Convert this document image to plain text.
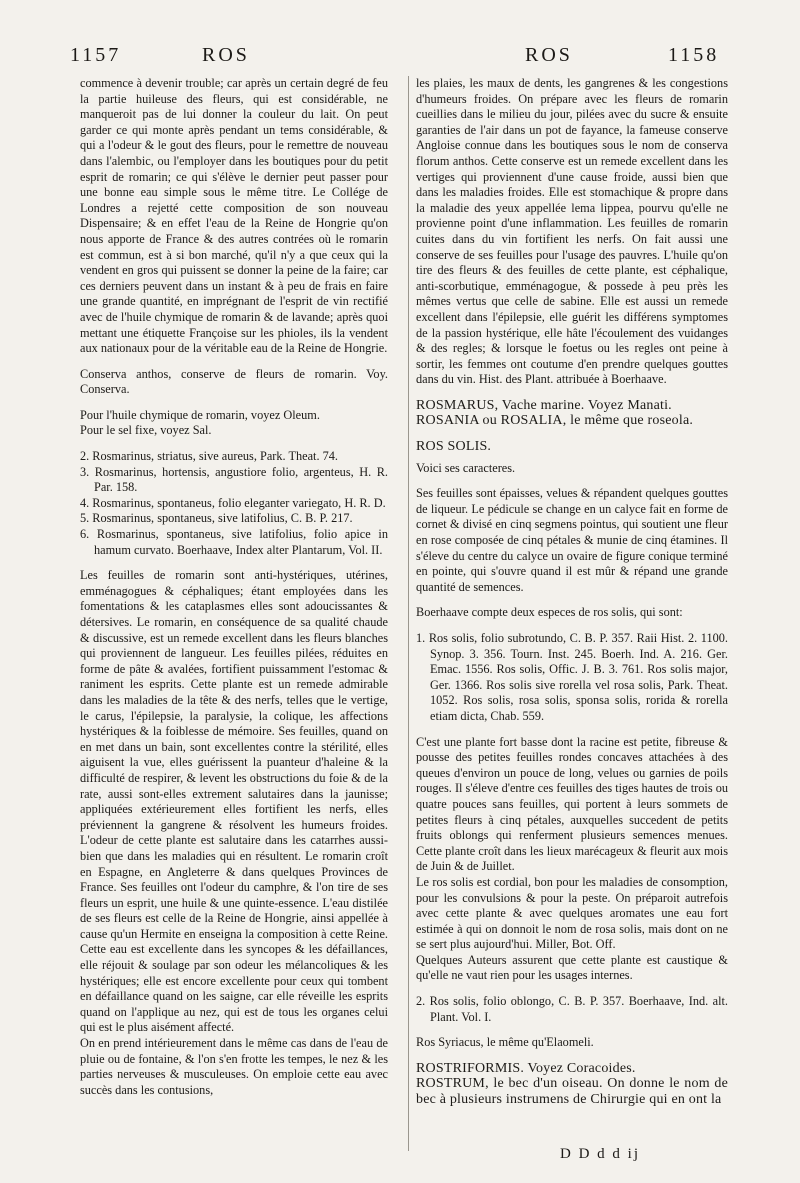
1157	ROS	ROS	1158

commence à devenir trouble; car après un certain degré de feu la partie huileuse des fleurs, qui est considérable, ne manqueroit pas de lui donner la couleur du lait. On peut garder ce qui monte après pendant un tems considérable, & qui a l'odeur & le gout des fleurs, pour le remettre de nouveau dans l'alembic, ou l'employer dans les boutiques pour du petit esprit de romarin; ce qui s'élève le dernier peut passer pour une bonne eau simple sous le même titre. Le Collége de Londres a rejetté cette composition de son nouveau Dispensaire; & en effet l'eau de la Reine de Hongrie qu'on nous apporte de France & des autres contrées où le romarin est commun, est à si bon marché, qu'il n'y a que ceux qui la vendent en gros qui puissent se donner la peine de la faire; car ces derniers peuvent dans un instant & à peu de frais en faire une grande quantité, en imprégnant de l'esprit de vin rectifié avec de l'huile chymique de romarin & de lavande; après quoi mettant une étiquette Françoise sur les phioles, ils la vendent aux nationaux pour de la véritable eau de la Reine de Hongrie.

Conserva anthos, conserve de fleurs de romarin. Voy. Conserva.

Pour l'huile chymique de romarin, voyez Oleum.

Pour le sel fixe, voyez Sal.

2. Rosmarinus, striatus, sive aureus, Park. Theat. 74.

3. Rosmarinus, hortensis, angustiore folio, argenteus, H. R. Par. 158.

4. Rosmarinus, spontaneus, folio eleganter variegato, H. R. D.

5. Rosmarinus, spontaneus, sive latifolius, C. B. P. 217.

6. Rosmarinus, spontaneus, sive latifolius, folio apice in hamum curvato. Boerhaave, Index alter Plantarum, Vol. II.

Les feuilles de romarin sont anti-hystériques, utérines, emménagogues & céphaliques; étant employées dans les fomentations & les cataplasmes elles sont adoucissantes & détersives. Le romarin, en conséquence de sa qualité chaude & discussive, est un remede excellent dans les fleurs blanches qui proviennent de langueur. Les feuilles pilées, réduites en forme de pâte & avalées, fortifient puissamment l'estomac & raniment les esprits. Cette plante est un remede admirable dans les maladies de la tête & des nerfs, telles que le vertige, le carus, l'épilepsie, la paralysie, la colique, les affections hystériques & la foiblesse de mémoire. Ses feuilles, quand on en met dans un bain, sont excellentes contre la stérilité, elles aiguisent la vue, elles guérissent la puanteur d'haleine & la difficulté de respirer, & levent les obstructions du foie & de la rate, aussi sont-elles extrement salutaires dans la jaunisse; appliquées extérieurement elles fortifient les nerfs, elles préviennent la gangrene & résolvent les humeurs froides. L'odeur de cette plante est salutaire dans les catarrhes aussi-bien que dans les maladies qui en résultent. Le romarin croît en Espagne, en Angleterre & dans quelques Provinces de France. Ses feuilles ont l'odeur du camphre, & l'on tire de ses fleurs un esprit, une huile & une quinte-essence. L'eau distilée de ses fleurs est celle de la Reine de Hongrie, ainsi appellée à cause qu'un Hermite en enseigna la composition à cette Reine. Cette eau est excellente dans les syncopes & les défaillances, elle réjouit & soulage par son odeur les mélancoliques & les hystériques; elle est encore excellente pour ceux qui tombent en défaillance quand on les saigne, car elle réveille les esprits quand on l'applique au nez, qui est de tous les organes celui qui est le plus aisément affecté.

On en prend intérieurement dans le même cas dans de l'eau de pluie ou de fontaine, & l'on s'en frotte les tempes, le nez & les parties nerveuses & musculeuses. On emploie cette eau avec succès dans les contusions,

les plaies, les maux de dents, les gangrenes & les congestions d'humeurs froides. On prépare avec les fleurs de romarin cueillies dans le milieu du jour, pilées avec du sucre & ensuite garanties de l'air dans un pot de fayance, la fameuse conserve Angloise connue dans les boutiques sous le nom de conserva florum anthos. Cette conserve est un remede excellent dans les vertiges qui proviennent d'une cause froide, aussi bien que dans les maladies froides. Elle est stomachique & propre dans la maladie des yeux appellée lema lippea, pourvu qu'elle ne provienne point d'une inflammation. Les feuilles de romarin cuites dans du vin fortifient les nerfs. On fait aussi une conserve de ses feuilles pour l'usage des pauvres. L'huile qu'on tire des fleurs & des feuilles de cette plante, est céphalique, anti-scorbutique, emménagogue, & possede à peu près les mêmes vertus que celle de sabine. Elle est aussi un remede excellent dans l'épilepsie, elle guérit les différens symptomes de la passion hystérique, elle hâte l'écoulement des vuidanges & des regles; & lorsque le foetus ou les regles ont peine à sortir, les femmes ont coutume d'en prendre quelques gouttes dans du vin. Hist. des Plant. attribuée à Boerhaave.

ROSMARUS, Vache marine. Voyez Manati.

ROSANIA ou ROSALIA, le même que roseola.

ROS SOLIS.

Voici ses caracteres.

Ses feuilles sont épaisses, velues & répandent quelques gouttes de liqueur. Le pédicule se change en un calyce fait en forme de cornet & divisé en cinq segmens pointus, qui soutient une fleur en rose composée de cinq pétales & munie de cinq étamines. Il s'éleve du centre du calyce un ovaire de figure conique terminé en pointe, qui s'ouvre quand il est mûr & répand une grande quantité de semences.

Boerhaave compte deux especes de ros solis, qui sont:

1. Ros solis, folio subrotundo, C. B. P. 357. Raii Hist. 2. 1100. Synop. 3. 356. Tourn. Inst. 245. Boerh. Ind. A. 216. Ger. Emac. 1556. Ros solis, Offic. J. B. 3. 761. Ros solis major, Ger. 1366. Ros solis sive rorella vel rosa solis, Park. Theat. 1052. Ros solis, rosa solis, sponsa solis, rorida & rorella etiam dicta, Chab. 559.

C'est une plante fort basse dont la racine est petite, fibreuse & pousse des petites feuilles rondes concaves attachées à des queues d'environ un pouce de long, velues ou garnies de poils rouges. Il s'éleve d'entre ces feuilles des tiges hautes de trois ou quatre pouces sans feuilles, qui portent à leurs sommets de petites fleurs à cinq pétales, auxquelles succedent de petits fruits oblongs qui renferment plusieurs semences menues. Cette plante croît dans les lieux marécageux & fleurit aux mois de Juin & de Juillet.

Le ros solis est cordial, bon pour les maladies de consomption, pour les convulsions & pour la peste. On préparoit autrefois avec cette plante & avec quelques aromates une eau fort estimée à qui on donnoit le nom de rosa solis, mais dont on ne se sert plus aujourd'hui. Miller, Bot. Off.

Quelques Auteurs assurent que cette plante est caustique & qu'elle ne vaut rien pour les usages internes.

2. Ros solis, folio oblongo, C. B. P. 357. Boerhaave, Ind. alt. Plant. Vol. I.

Ros Syriacus, le même qu'Elaomeli.

ROSTRIFORMIS. Voyez Coracoides.

ROSTRUM, le bec d'un oiseau. On donne le nom de bec à plusieurs instrumens de Chirurgie qui en ont la

D D d d ij
